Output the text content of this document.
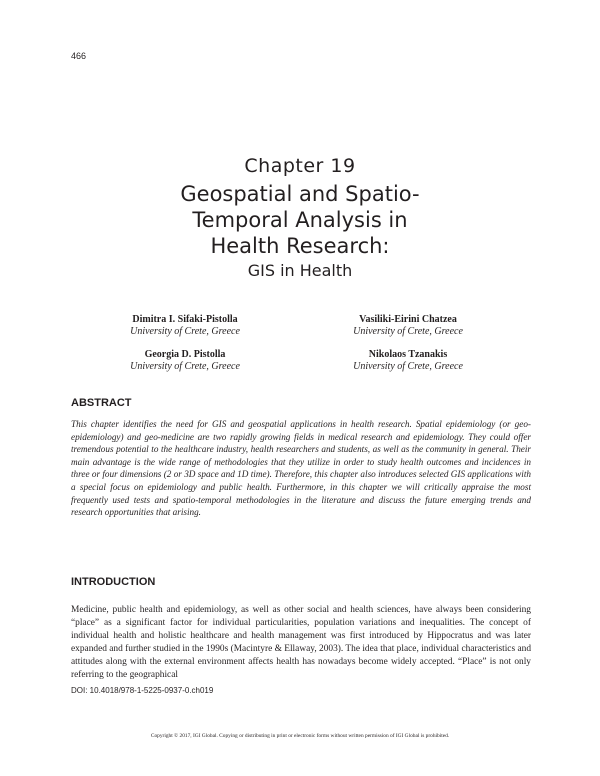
466
Chapter 19
Geospatial and Spatio-
Temporal Analysis in
Health Research:
GIS in Health
Dimitra I. Sifaki-Pistolla
University of Crete, Greece
Vasiliki-Eirini Chatzea
University of Crete, Greece
Georgia D. Pistolla
University of Crete, Greece
Nikolaos Tzanakis
University of Crete, Greece
ABSTRACT

This chapter identifies the need for GIS and geospatial applications in health research. Spatial epidemiology (or geo-epidemiology) and geo-medicine are two rapidly growing fields in medical research and epidemiology. They could offer tremendous potential to the healthcare industry, health researchers and students, as well as the community in general. Their main advantage is the wide range of methodologies that they utilize in order to study health outcomes and incidences in three or four dimensions (2 or 3D space and 1D time). Therefore, this chapter also introduces selected GIS applications with a special focus on epidemiology and public health. Furthermore, in this chapter we will critically appraise the most frequently used tests and spatio-temporal methodologies in the literature and discuss the future emerging trends and research opportunities that arising.

INTRODUCTION

Medicine, public health and epidemiology, as well as other social and health sciences, have always been considering “place” as a significant factor for individual particularities, population variations and inequalities. The concept of individual health and holistic healthcare and health management was first introduced by Hippocratus and was later expanded and further studied in the 1990s (Macintyre & Ellaway, 2003). The idea that place, individual characteristics and attitudes along with the external environment affects health has nowadays become widely accepted. “Place” is not only referring to the geographical

DOI: 10.4018/978-1-5225-0937-0.ch019
Copyright © 2017, IGI Global. Copying or distributing in print or electronic forms without written permission of IGI Global is prohibited.
